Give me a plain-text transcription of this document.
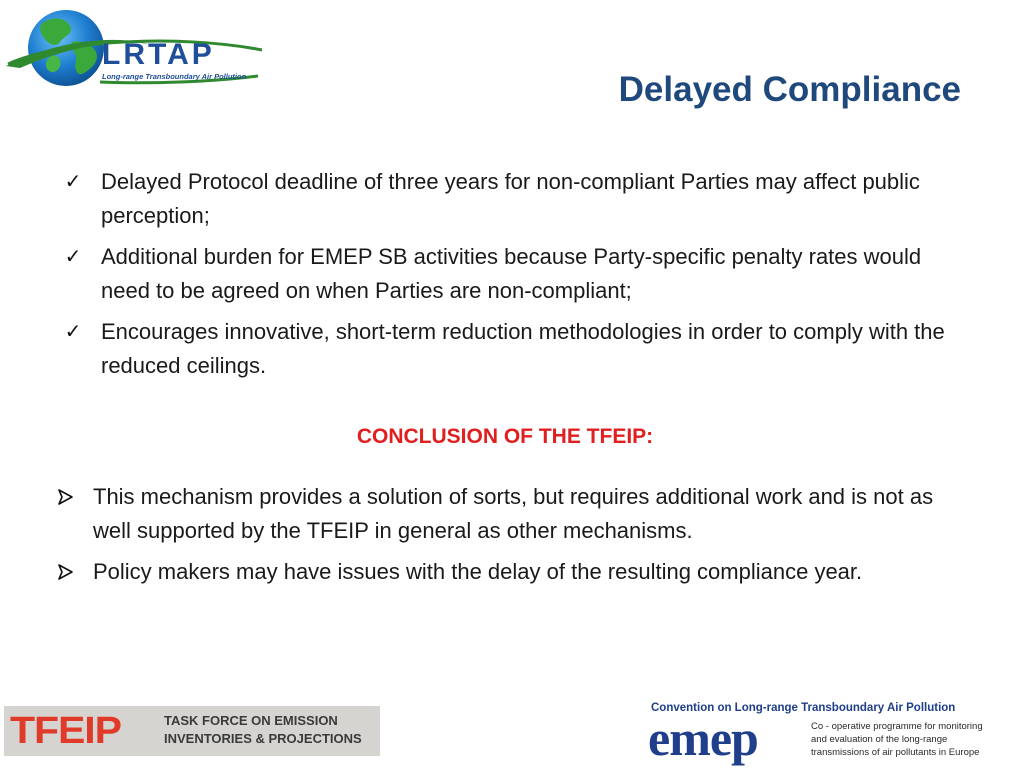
LRTAP
Long-range Transboundary Air Pollution	Delayed Compliance
✓ Delayed Protocol deadline of three years for non-compliant Parties may affect public perception;
✓ Additional burden for EMEP SB activities because Party-specific penalty rates would need to be agreed on when Parties are non-compliant;
✓ Encourages innovative, short-term reduction methodologies in order to comply with the reduced ceilings.
CONCLUSION OF THE TFEIP:
This mechanism provides a solution of sorts, but requires additional work and is not as well supported by the TFEIP in general as other mechanisms.
Policy makers may have issues with the delay of the resulting compliance year.
TFEIP	TASK FORCE ON EMISSION
INVENTORIES & PROJECTIONS
Convention on Long-range Transboundary Air Pollution
emep	Co - operative programme for monitoring
and evaluation of the long-range
transmissions of air pollutants in Europe
